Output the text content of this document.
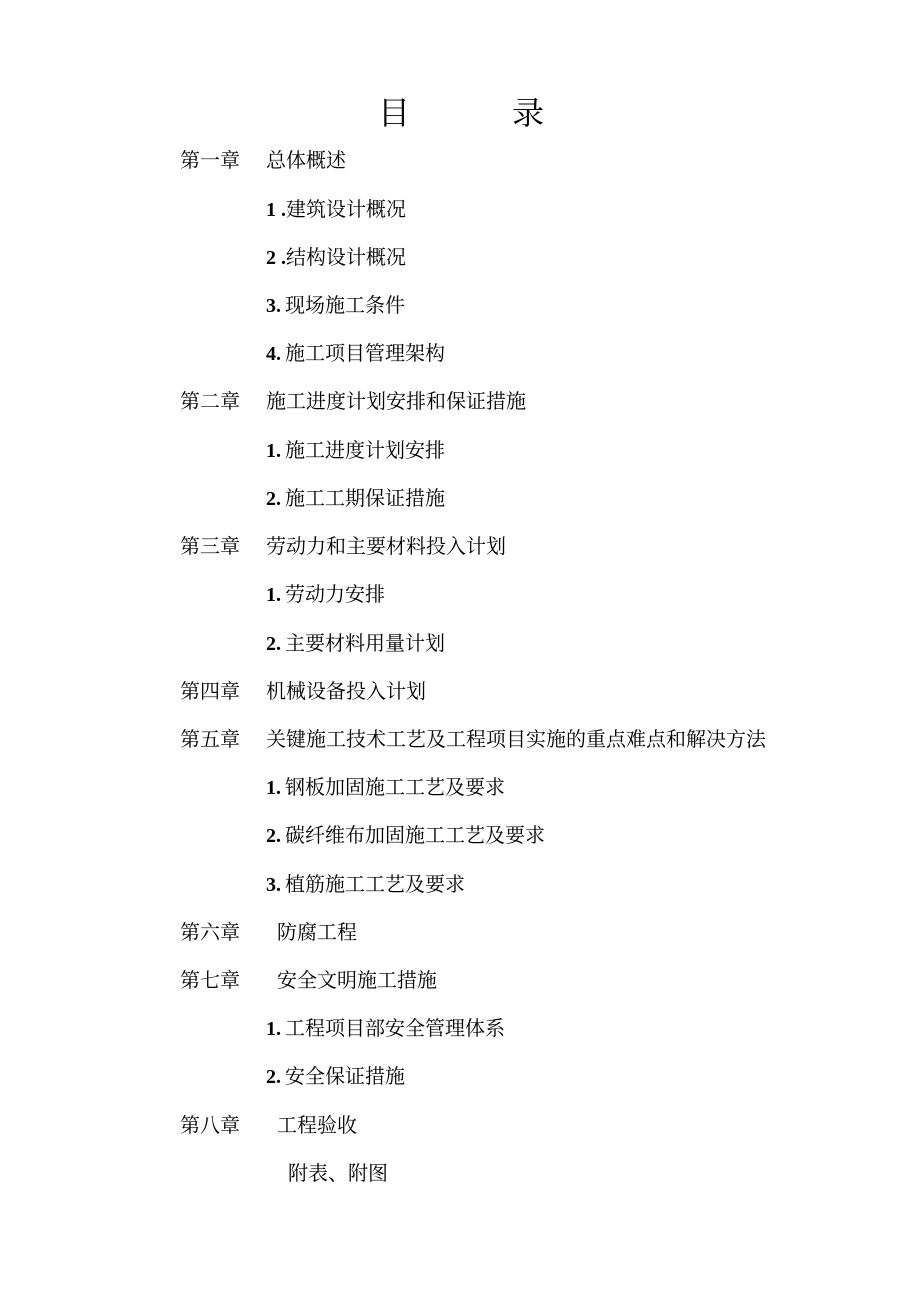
目	录
第一章 总体概述
1 .建筑设计概况
2 .结构设计概况
3. 现场施工条件
4. 施工项目管理架构
第二章 施工进度计划安排和保证措施
1. 施工进度计划安排
2. 施工工期保证措施
第三章 劳动力和主要材料投入计划
1. 劳动力安排
2. 主要材料用量计划
第四章 机械设备投入计划
第五章 关键施工技术工艺及工程项目实施的重点难点和解决方法
1. 钢板加固施工工艺及要求
2. 碳纤维布加固施工工艺及要求
3. 植筋施工工艺及要求
第六章 防腐工程
第七章 安全文明施工措施
1. 工程项目部安全管理体系
2. 安全保证措施
第八章 工程验收
附表、附图
